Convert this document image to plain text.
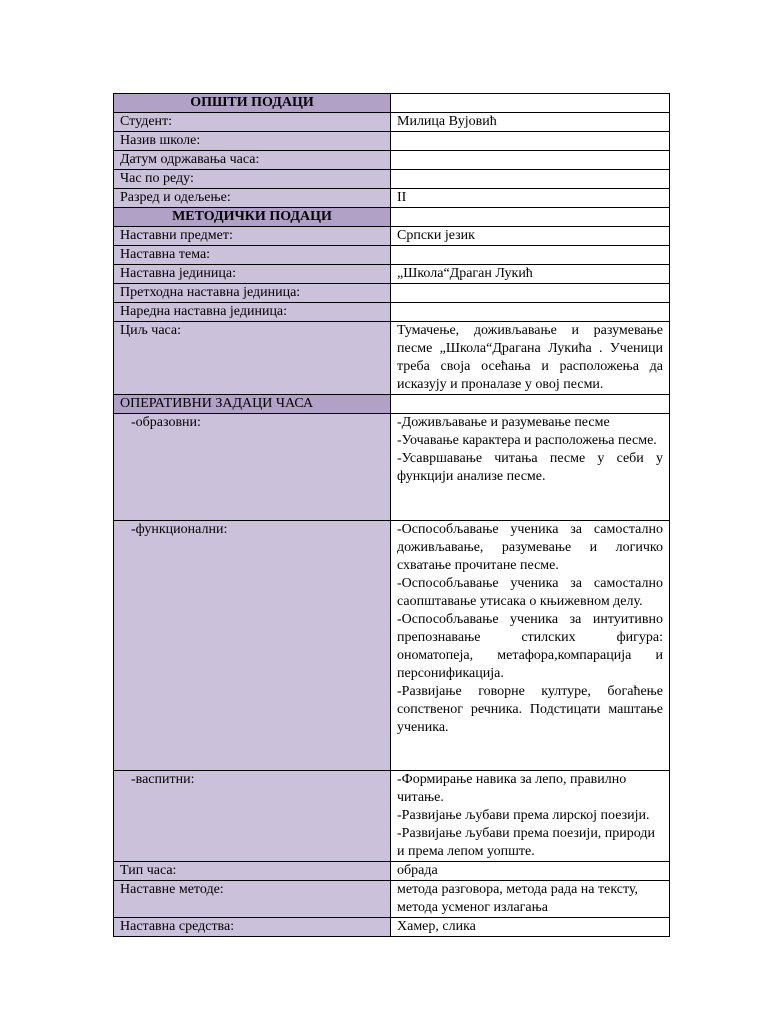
ОПШТИ ПОДАЦИ	
Студент:	Милица Вујовић
Назив школе:	
Датум одржавања часа:	
Час по реду:	
Разред и одељење:	II
МЕТОДИЧКИ ПОДАЦИ	
Наставни предмет:	Српски језик
Наставна тема:	
Наставна јединица:	„Школа“Драган Лукић
Претходна наставна јединица:	
Наредна наставна јединица:	
Циљ часа:	Тумачење, доживљавање и разумевање песме „Школа“Драгана Лукића . Ученици треба своја осећања и расположења да исказују и проналазе у овој песми.
ОПЕРАТИВНИ ЗАДАЦИ ЧАСА	
-образовни:	-Доживљавање и разумевање песме
-Уочавање карактера и расположења песме.
-Усавршавање читања песме у себи у функцији анализе песме.

-функционални:	-Оспособљавање ученика за самостално доживљавање, разумевање и логичко схватање прочитане песме.
-Оспособљавање ученика за самостално саопштавање утисака о књижевном делу.
-Оспособљавање ученика за интуитивно препознавање стилских фигура: ономатопеја, метафора,компарација и персонификација.
-Развијање говорне културе, богаћење сопственог речника. Подстицати маштање ученика.

-васпитни:	-Формирање навика за лепо, правилно читање.
-Развијање љубави према лирској поезији.
-Развијање љубави према поезији, природи и према лепом уопште.

Тип часа:	обрада
Наставне методе:	метода разговора, метода рада на тексту, метода усменог излагања
Наставна средства:	Хамер, слика
